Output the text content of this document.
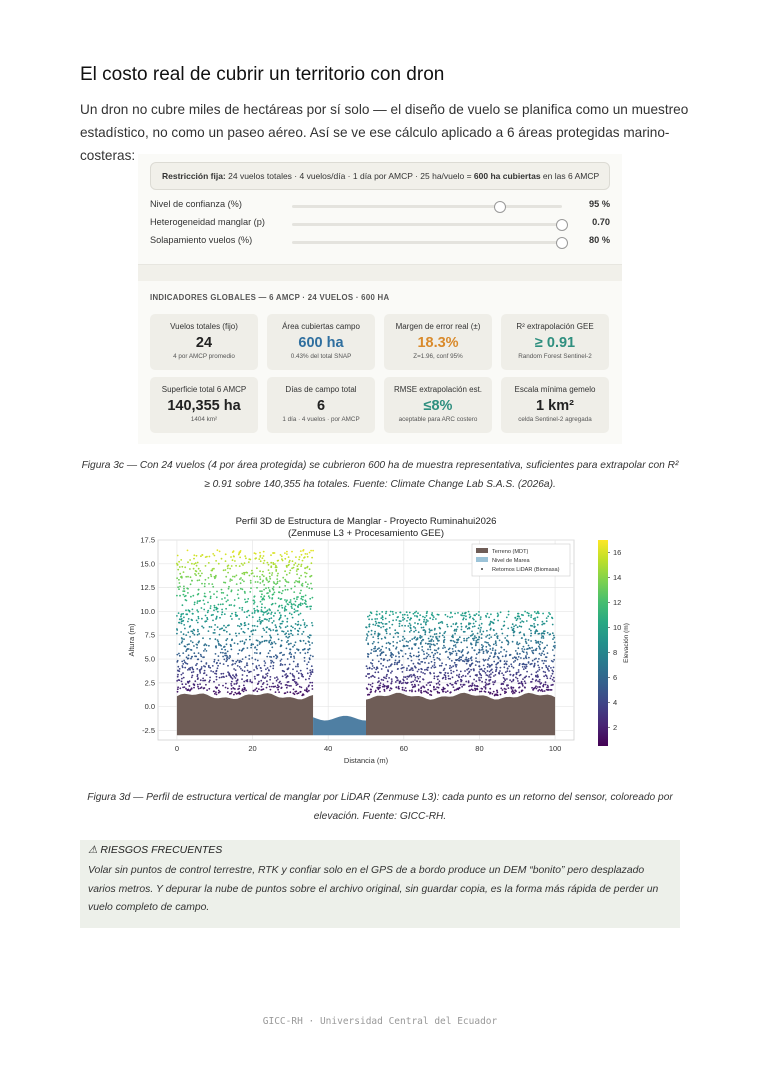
El costo real de cubrir un territorio con dron
Un dron no cubre miles de hectáreas por sí solo — el diseño de vuelo se planifica como un muestreo estadístico, no como un paseo aéreo. Así se ve ese cálculo aplicado a 6 áreas protegidas marino-costeras:
Restricción fija: 24 vuelos totales · 4 vuelos/día · 1 día por AMCP · 25 ha/vuelo = 600 ha cubiertas en las 6 AMCP
Nivel de confianza (%)	95 %
Heterogeneidad manglar (p)	0.70
Solapamiento vuelos (%)	80 %
INDICADORES GLOBALES — 6 AMCP · 24 VUELOS · 600 HA
Vuelos totales (fijo)
24
4 por AMCP promedio
Área cubiertas campo
600 ha
0.43% del total SNAP
Margen de error real (±)
18.3%
Z=1.96, conf 95%
R² extrapolación GEE
≥ 0.91
Random Forest Sentinel-2
Superficie total 6 AMCP
140,355 ha
1404 km²
Días de campo total
6
1 día · 4 vuelos · por AMCP
RMSE extrapolación est.
≤8%
aceptable para ARC costero
Escala mínima gemelo
1 km²
celda Sentinel-2 agregada
Figura 3c — Con 24 vuelos (4 por área protegida) se cubrieron 600 ha de muestra representativa, suficientes para extrapolar con R² ≥ 0.91 sobre 140,355 ha totales. Fuente: Climate Change Lab S.A.S. (2026a).
Perfil 3D de Estructura de Manglar - Proyecto Ruminahui2026
(Zenmuse L3 + Procesamiento GEE)
0	20	40	60	80	100
-2.5
0.0
2.5
5.0
7.5
10.0
12.5
15.0
17.5
Distancia (m)
Altura (m)
Terreno (MDT)
Nivel de Marea
Retornos LiDAR (Biomasa)
2
4
6
8
10
12
14
16
Elevación (m)
Figura 3d — Perfil de estructura vertical de manglar por LiDAR (Zenmuse L3): cada punto es un retorno del sensor, coloreado por elevación. Fuente: GICC-RH.
⚠ RIESGOS FRECUENTES
Volar sin puntos de control terrestre, RTK y confiar solo en el GPS de a bordo produce un DEM “bonito” pero desplazado varios metros. Y depurar la nube de puntos sobre el archivo original, sin guardar copia, es la forma más rápida de perder un vuelo completo de campo.
GICC-RH · Universidad Central del Ecuador
